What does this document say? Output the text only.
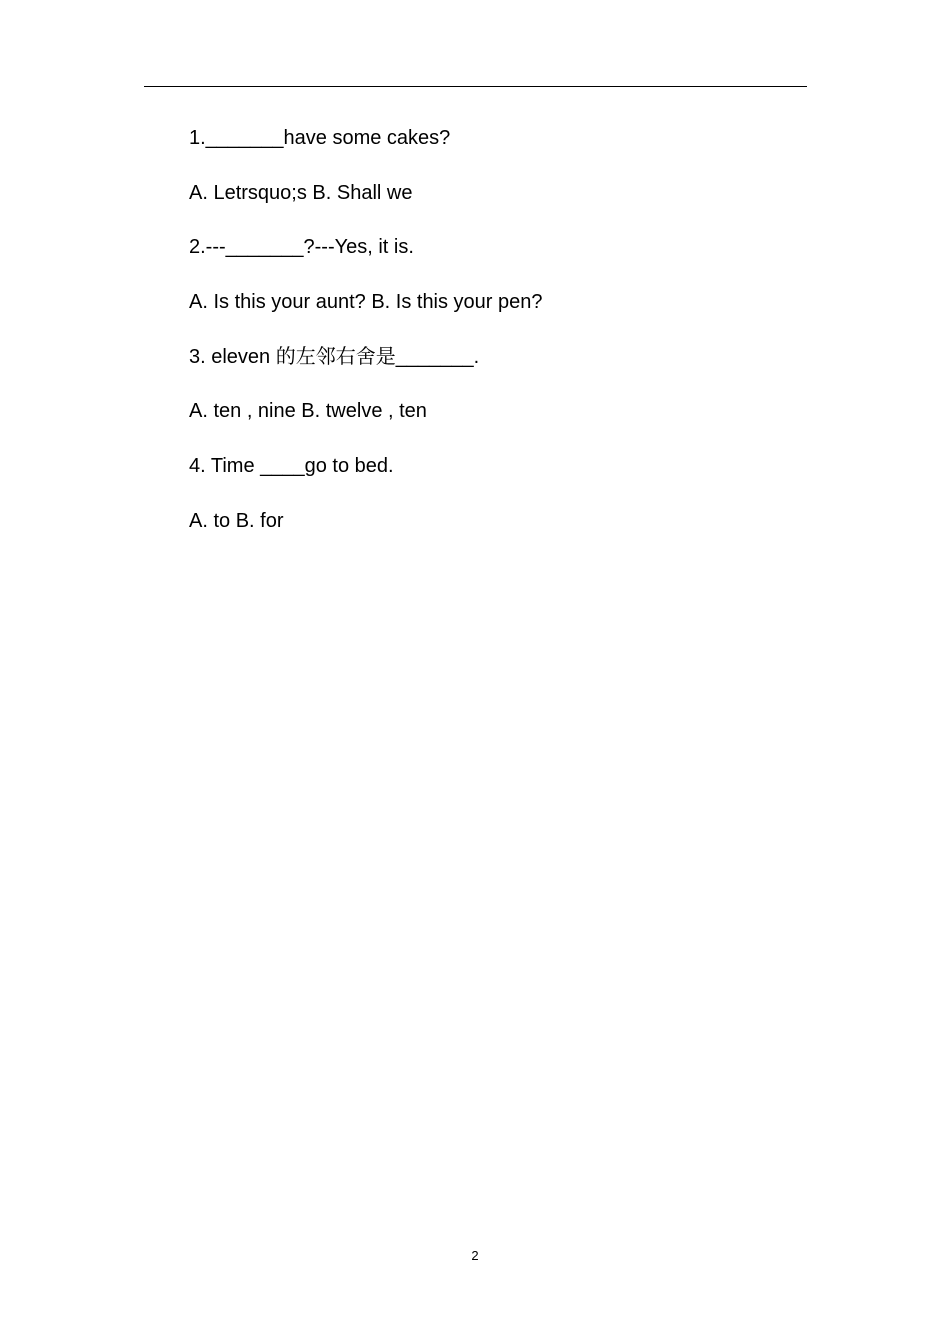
1._______have some cakes?
A. Letrsquo;s B. Shall we
2.---_______?---Yes, it is.
A. Is this your aunt? B. Is this your pen?
3. eleven 的左邻右舍是_______.
A. ten , nine B. twelve , ten
4. Time ____go to bed.
A. to B. for
2
